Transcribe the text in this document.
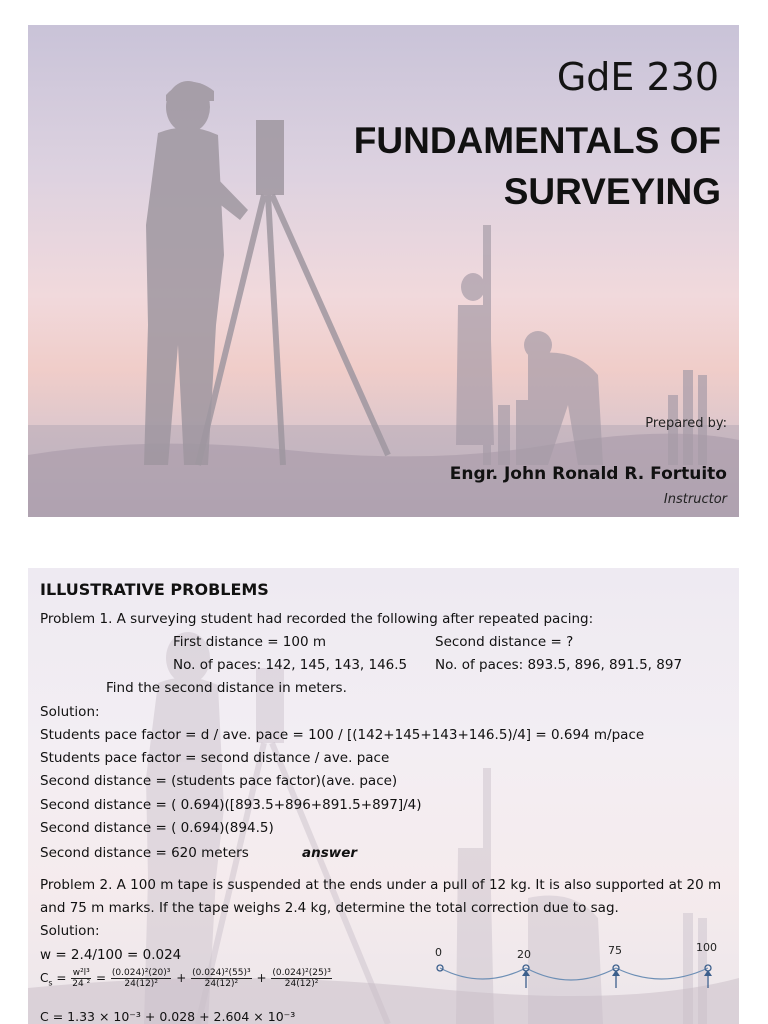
GdE 230
FUNDAMENTALS OF
SURVEYING
Prepared by:
Engr. John Ronald R. Fortuito
Instructor
ILLUSTRATIVE PROBLEMS
Problem 1. A surveying student had recorded the following after repeated pacing:
First distance = 100 m	Second distance = ?
No. of paces: 142, 145, 143, 146.5 No. of paces: 893.5, 896, 891.5, 897
Find the second distance in meters.
Solution:
Students pace factor = d / ave. pace = 100 / [(142+145+143+146.5)/4] = 0.694 m/pace
Students pace factor = second distance / ave. pace
Second distance = (students pace factor)(ave. pace)
Second distance = ( 0.694)([893.5+896+891.5+897]/4)
Second distance = ( 0.694)(894.5)
Second distance = 620 meters	answer
Problem 2. A 100 m tape is suspended at the ends under a pull of 12 kg. It is also supported at 20 m
and 75 m marks. If the tape weighs 2.4 kg, determine the total correction due to sag.
Solution:
w = 2.4/100 = 0.024
$C_s = \frac{\text{w²l³}}{\text{24 ²}} = \frac{\text{(0.024)²(20)³}}{\text{24(12)²}} + \frac{\text{(0.024)²(55)³}}{\text{24(12)²}} + \frac{\text{(0.024)²(25)³}}{\text{24(12)²}}$
C = 1.33 × 10⁻³ + 0.028 + 2.604 × 10⁻³
0	20	75	100
